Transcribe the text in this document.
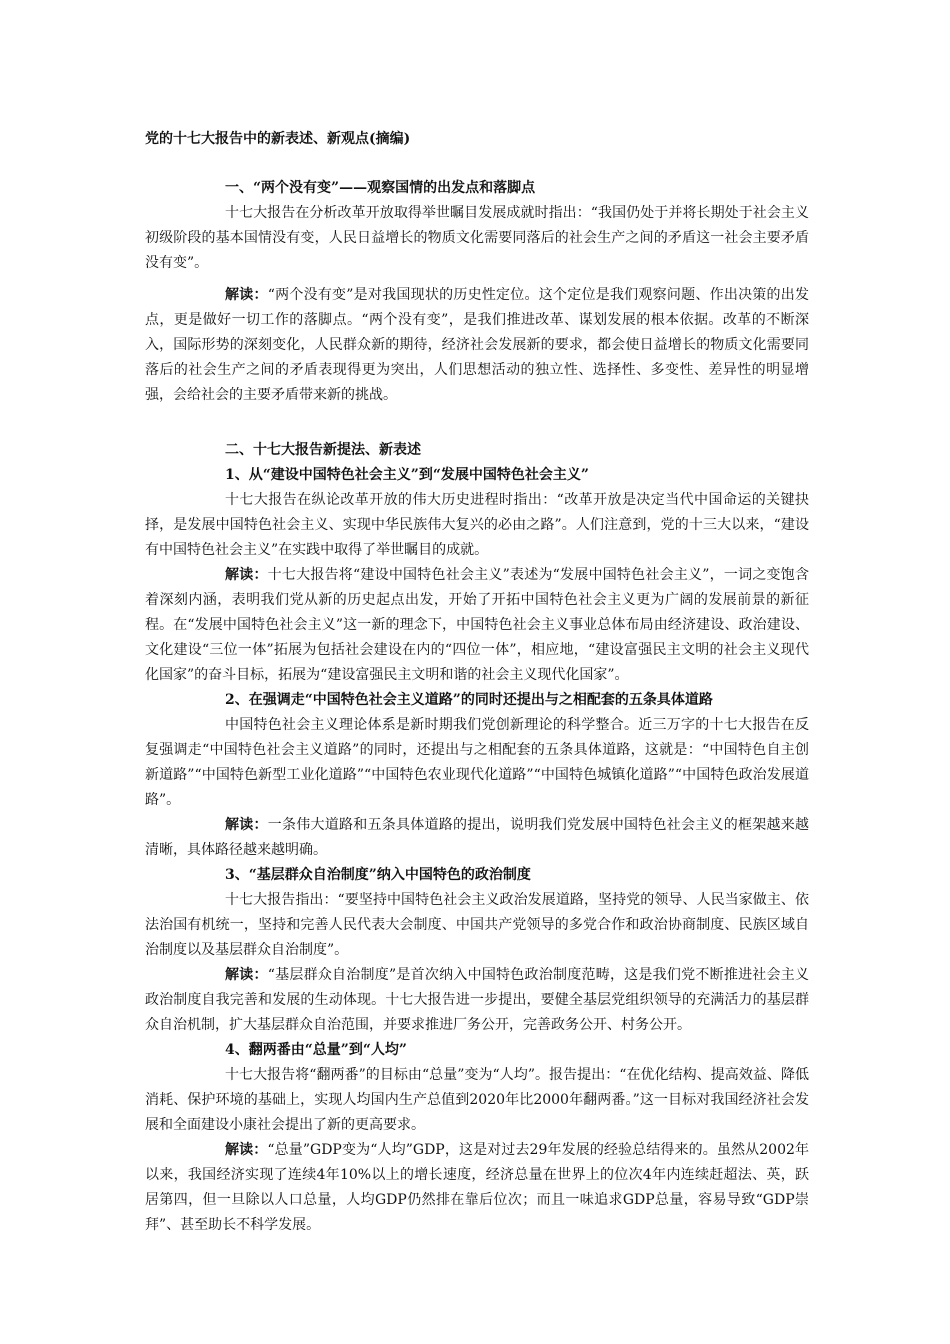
党的十七大报告中的新表述、新观点(摘编)

一、“两个没有变”——观察国情的出发点和落脚点

十七大报告在分析改革开放取得举世瞩目发展成就时指出：“我国仍处于并将长期处于社会主义初级阶段的基本国情没有变，人民日益增长的物质文化需要同落后的社会生产之间的矛盾这一社会主要矛盾没有变”。

解读：“两个没有变”是对我国现状的历史性定位。这个定位是我们观察问题、作出决策的出发点，更是做好一切工作的落脚点。“两个没有变”，是我们推进改革、谋划发展的根本依据。改革的不断深入，国际形势的深刻变化，人民群众新的期待，经济社会发展新的要求，都会使日益增长的物质文化需要同落后的社会生产之间的矛盾表现得更为突出，人们思想活动的独立性、选择性、多变性、差异性的明显增强，会给社会的主要矛盾带来新的挑战。

二、十七大报告新提法、新表述

1、从“建设中国特色社会主义”到“发展中国特色社会主义”

十七大报告在纵论改革开放的伟大历史进程时指出：“改革开放是决定当代中国命运的关键抉择，是发展中国特色社会主义、实现中华民族伟大复兴的必由之路”。人们注意到，党的十三大以来，“建设有中国特色社会主义”在实践中取得了举世瞩目的成就。

解读：十七大报告将“建设中国特色社会主义”表述为“发展中国特色社会主义”，一词之变饱含着深刻内涵，表明我们党从新的历史起点出发，开始了开拓中国特色社会主义更为广阔的发展前景的新征程。在“发展中国特色社会主义”这一新的理念下，中国特色社会主义事业总体布局由经济建设、政治建设、文化建设“三位一体”拓展为包括社会建设在内的“四位一体”，相应地，“建设富强民主文明的社会主义现代化国家”的奋斗目标，拓展为“建设富强民主文明和谐的社会主义现代化国家”。

2、在强调走“中国特色社会主义道路”的同时还提出与之相配套的五条具体道路

中国特色社会主义理论体系是新时期我们党创新理论的科学整合。近三万字的十七大报告在反复强调走“中国特色社会主义道路”的同时，还提出与之相配套的五条具体道路，这就是：“中国特色自主创新道路”“中国特色新型工业化道路”“中国特色农业现代化道路”“中国特色城镇化道路”“中国特色政治发展道路”。

解读：一条伟大道路和五条具体道路的提出，说明我们党发展中国特色社会主义的框架越来越清晰，具体路径越来越明确。

3、“基层群众自治制度”纳入中国特色的政治制度

十七大报告指出：“要坚持中国特色社会主义政治发展道路，坚持党的领导、人民当家做主、依法治国有机统一，坚持和完善人民代表大会制度、中国共产党领导的多党合作和政治协商制度、民族区域自治制度以及基层群众自治制度”。

解读：“基层群众自治制度”是首次纳入中国特色政治制度范畴，这是我们党不断推进社会主义政治制度自我完善和发展的生动体现。十七大报告进一步提出，要健全基层党组织领导的充满活力的基层群众自治机制，扩大基层群众自治范围，并要求推进厂务公开，完善政务公开、村务公开。

4、翻两番由“总量”到“人均”

十七大报告将“翻两番”的目标由“总量”变为“人均”。报告提出：“在优化结构、提高效益、降低消耗、保护环境的基础上，实现人均国内生产总值到2020年比2000年翻两番。”这一目标对我国经济社会发展和全面建设小康社会提出了新的更高要求。

解读：“总量”GDP变为“人均”GDP，这是对过去29年发展的经验总结得来的。虽然从2002年以来，我国经济实现了连续4年10%以上的增长速度，经济总量在世界上的位次4年内连续赶超法、英，跃居第四，但一旦除以人口总量，人均GDP仍然排在靠后位次；而且一味追求GDP总量，容易导致“GDP崇拜”、甚至助长不科学发展。
